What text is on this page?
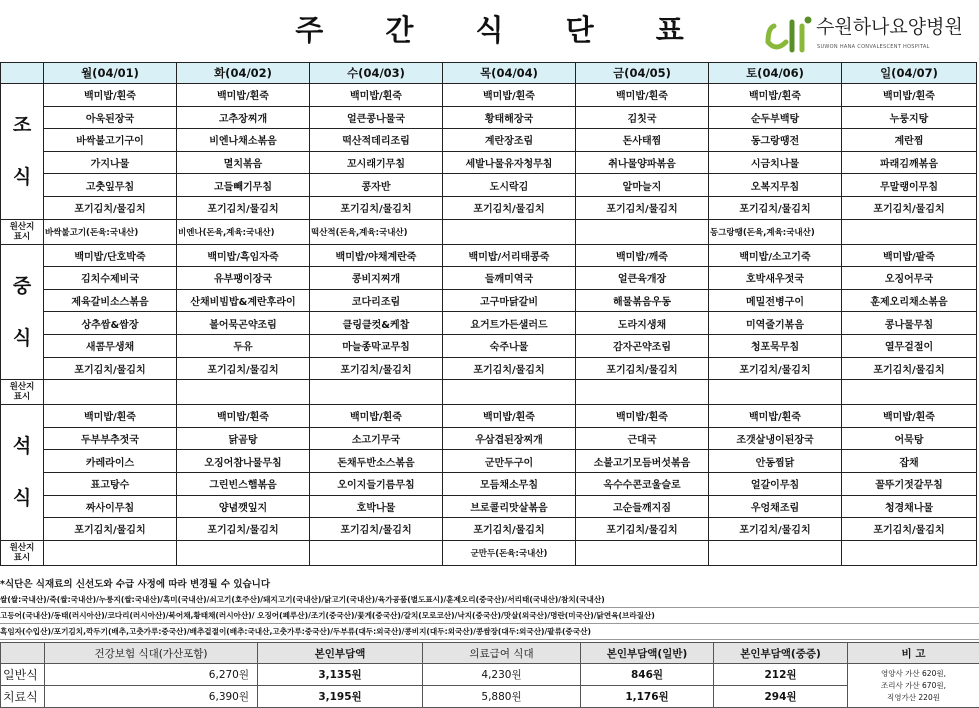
주 간 식 단 표	수원하나요양병원
SUWON HANA CONVALESCENT HOSPITAL
	월(04/01)	화(04/02)	수(04/03)	목(04/04)	금(04/05)	토(04/06)	일(04/07)
조

식	백미밥/흰죽	백미밥/흰죽	백미밥/흰죽	백미밥/흰죽	백미밥/흰죽	백미밥/흰죽	백미밥/흰죽
	아욱된장국	고추장찌개	얼큰콩나물국	황태해장국	김칫국	순두부백탕	누룽지탕
	바싹불고기구이	비엔나채소볶음	떡산적데리조림	계란장조림	돈사태찜	동그랑땡전	계란찜
	가지나물	멸치볶음	꼬시래기무침	세발나물유자청무침	취나물양파볶음	시금치나물	파래김깨볶음
	고춧잎무침	고들빼기무침	콩자반	도시락김	알마늘지	오복지무침	무말랭이무침
	포기김치/물김치	포기김치/물김치	포기김치/물김치	포기김치/물김치	포기김치/물김치	포기김치/물김치	포기김치/물김치
원산지
표시	바싹불고기(돈육:국내산)	비엔나(돈육,계육:국내산)	떡산적(돈육,계육:국내산)			동그랑땡(돈육,계육:국내산)	
중

식	백미밥/단호박죽	백미밥/흑임자죽	백미밥/야채계란죽	백미밥/서리태콩죽	백미밥/깨죽	백미밥/소고기죽	백미밥/팥죽
	김치수제비국	유부팽이장국	콩비지찌개	들깨미역국	얼큰육개장	호박새우젓국	오징어무국
	제육갈비소스볶음	산채비빔밥&계란후라이	코다리조림	고구마닭갈비	해물볶음우동	메밀전병구이	훈제오리채소볶음
	상추쌈&쌈장	볼어묵곤약조림	클링클컷&케찹	요거트가든샐러드	도라지생채	미역줄기볶음	콩나물무침
	새콤무생채	두유	마늘종막교무침	숙주나물	감자곤약조림	청포묵무침	열무겉절이
	포기김치/물김치	포기김치/물김치	포기김치/물김치	포기김치/물김치	포기김치/물김치	포기김치/물김치	포기김치/물김치
원산지
표시							
석

식	백미밥/흰죽	백미밥/흰죽	백미밥/흰죽	백미밥/흰죽	백미밥/흰죽	백미밥/흰죽	백미밥/흰죽
	두부부추젓국	닭곰탕	소고기무국	우삼겹된장찌개	근대국	조갯살냉이된장국	어묵탕
	카레라이스	오징어참나물무침	돈채두반소스볶음	군만두구이	소불고기모듬버섯볶음	안동찜닭	잡채
	표고탕수	그린빈스햄볶음	오이지들기름무침	모듬채소무침	옥수수콘코울슬로	얼갈이무침	꼴뚜기젓갈무침
	짜사이무침	양념깻잎지	호박나물	브로콜리맛살볶음	고순들깨지짐	우엉채조림	청경채나물
	포기김치/물김치	포기김치/물김치	포기김치/물김치	포기김치/물김치	포기김치/물김치	포기김치/물김치	포기김치/물김치
원산지
표시				군만두(돈육:국내산)			
*식단은 식재료의 신선도와 수급 사정에 따라 변경될 수 있습니다
쌀(쌀:국내산)/죽(쌀:국내산)/누룽지(쌀:국내산)/흑미(국내산)/쇠고기(호주산)/돼지고기(국내산)/닭고기(국내산)/육가공품(별도표시)/훈제오리(중국산)/서리태(국내산)/참치(국내산)
고등어(국내산)/동태(러시아산)/코다리(러시아산)/북어채,황태채(러시아산)/ 오징어(페루산)/조기(중국산)/꽃게(중국산)/갈치(모로코산)/낙지(중국산)/맛살(외국산)/명란(미국산)/닭연육(브라질산)
흑임자(수입산)/포기김치,깍두기(배추,고춧가루:중국산)/배추겉절이(배추:국내산,고춧가루:중국산)/두부류(대두:외국산)/콩비지(대두:외국산)/콩쌈장(대두:외국산)/팥류(중국산)
	건강보험 식대(가산포함)	본인부담액	의료급여 식대	본인부담액(일반)	본인부담액(중증)	비 고
일반식	6,270원	3,135원	4,230원	846원	212원	영양사 가산 620원,
조리사 가산 670원,
직영가산 220원

치료식	6,390원	3,195원	5,880원	1,176원	294원	
